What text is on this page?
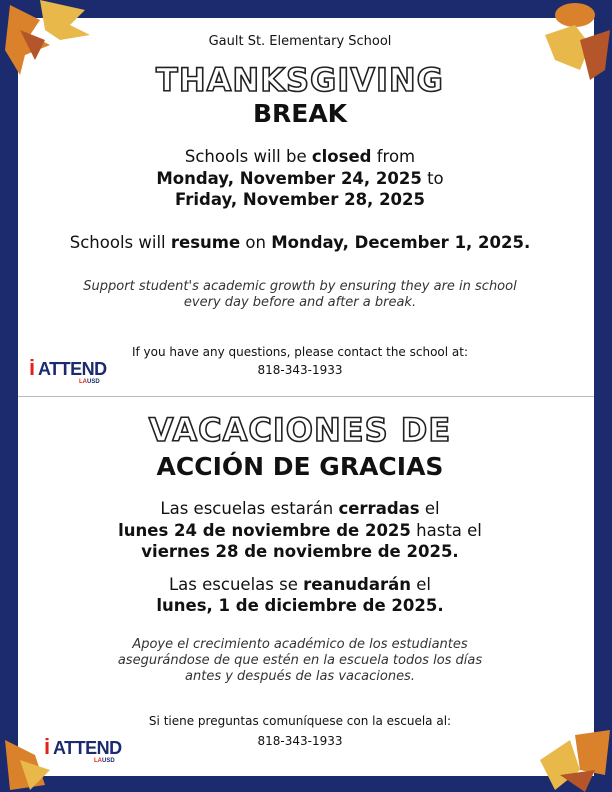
Gault St. Elementary School
THANKSGIVING
BREAK
Schools will be closed from
Monday, November 24, 2025 to
Friday, November 28, 2025
Schools will resume on Monday, December 1, 2025.
Support student's academic growth by ensuring they are in school
every day before and after a break.
If you have any questions, please contact the school at:
818-343-1933
i ATTEND
LAUSD
VACACIONES DE
ACCIÓN DE GRACIAS
Las escuelas estarán cerradas el
lunes 24 de noviembre de 2025 hasta el
viernes 28 de noviembre de 2025.
Las escuelas se reanudarán el
lunes, 1 de diciembre de 2025.
Apoye el crecimiento académico de los estudiantes
asegurándose de que estén en la escuela todos los días
antes y después de las vacaciones.
Si tiene preguntas comuníquese con la escuela al:
818-343-1933
i ATTEND
LAUSD
